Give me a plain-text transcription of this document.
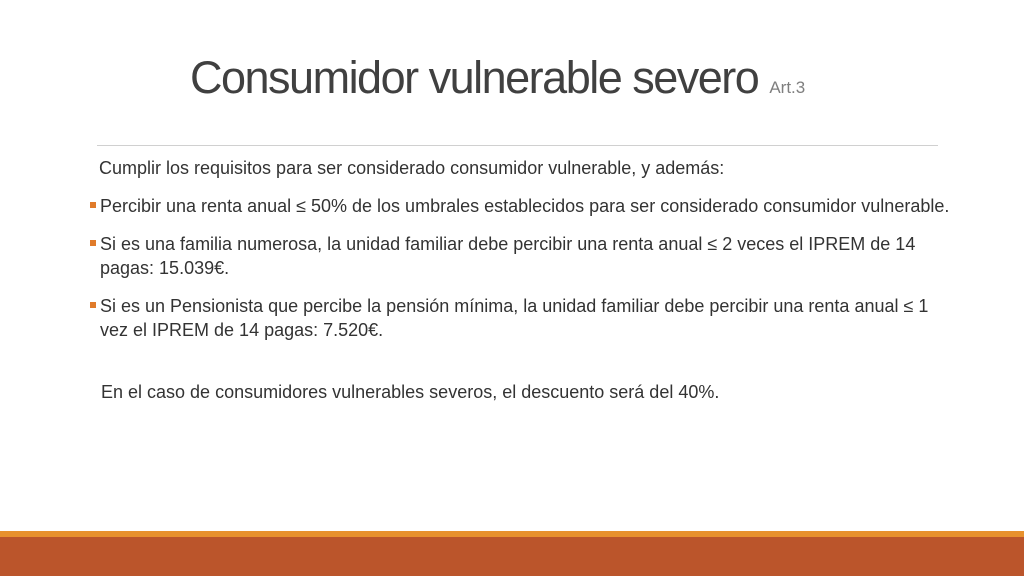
Consumidor vulnerable severo Art.3
Cumplir los requisitos para ser considerado consumidor vulnerable, y además:
Percibir una renta anual ≤ 50% de los umbrales establecidos para ser considerado consumidor vulnerable.
Si es una familia numerosa, la unidad familiar debe percibir una renta anual ≤ 2 veces el IPREM de 14 pagas: 15.039€.
Si es un Pensionista que percibe la pensión mínima, la unidad familiar debe percibir una renta anual ≤ 1 vez el IPREM de 14 pagas: 7.520€.
En el caso de consumidores vulnerables severos, el descuento será del 40%.
